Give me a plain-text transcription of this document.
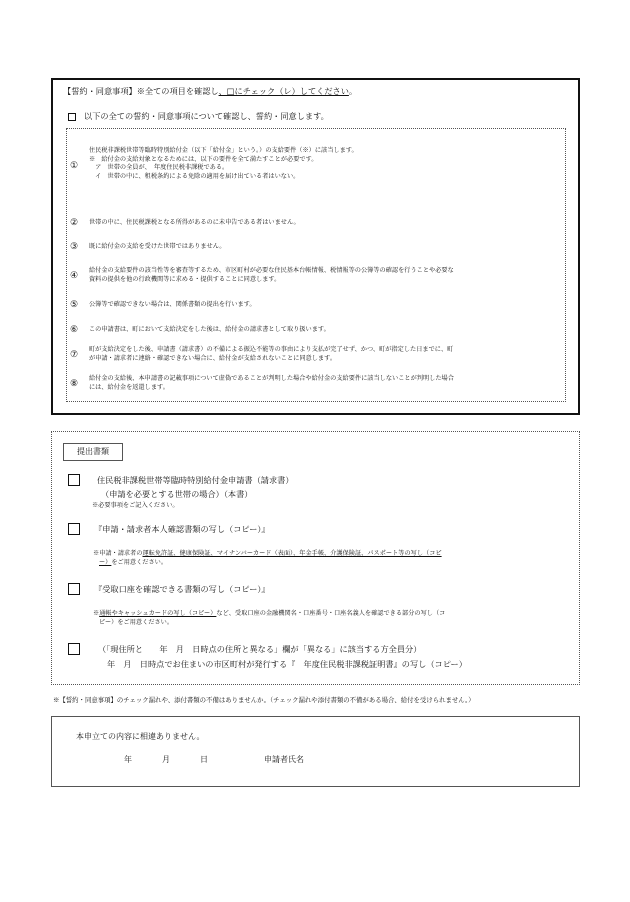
【誓約・同意事項】※全ての項目を確認し、□にチェック（レ）してください。
以下の全ての誓約・同意事項について確認し、誓約・同意します。
①
住民税非課税世帯等臨時特別給付金（以下「給付金」という。）の支給要件（※）に該当します。
※　給付金の支給対象となるためには、以下の要件を全て満たすことが必要です。
　ア　世帯の全員が、　年度住民税非課税である。
　イ　世帯の中に、租税条約による免除の適用を届け出ている者はいない。
②	世帯の中に、住民税課税となる所得があるのに未申告である者はいません。
③	既に給付金の支給を受けた世帯ではありません。
④
給付金の支給要件の該当性等を審査等するため、市区町村が必要な住民基本台帳情報、税情報等の公簿等の確認を行うことや必要な
資料の提供を他の行政機関等に求める・提供することに同意します。
⑤	公簿等で確認できない場合は、関係書類の提出を行います。
⑥	この申請書は、町において支給決定をした後は、給付金の請求書として取り扱います。
⑦
町が支給決定をした後、申請書（請求書）の不備による振込不能等の事由により支払が完了せず、かつ、町が指定した日までに、町
が申請・請求者に連絡・確認できない場合に、給付金が支給されないことに同意します。
⑧
給付金の支給後、本申請書の記載事項について虚偽であることが判明した場合や給付金の支給要件に該当しないことが判明した場合
には、給付金を返還します。
提出書類
住民税非課税世帯等臨時特別給付金申請書（請求書）
（申請を必要とする世帯の場合）（本書）
※必要事項をご記入ください。
『申請・請求者本人確認書類の写し（コピー）』
※申請・請求者の運転免許証、健康保険証、マイナンバーカード（表面）、年金手帳、介護保険証、パスポート等の写し（コピ
ー）をご用意ください。
『受取口座を確認できる書類の写し（コピー）』
※通帳やキャッシュカードの写し（コピー）など、受取口座の金融機関名・口座番号・口座名義人を確認できる部分の写し（コ
ピー）をご用意ください。
（「現住所と　　年　月　日時点の住所と異なる」欄が「異なる」に該当する方全員分）
年　月　日時点でお住まいの市区町村が発行する『　年度住民税非課税証明書』の写し（コピー）
※【誓約・同意事項】のチェック漏れや、添付書類の不備はありませんか。（チェック漏れや添付書類の不備がある場合、給付を受けられません。）
本申立ての内容に相違ありません。
年	月	日	申請者氏名
